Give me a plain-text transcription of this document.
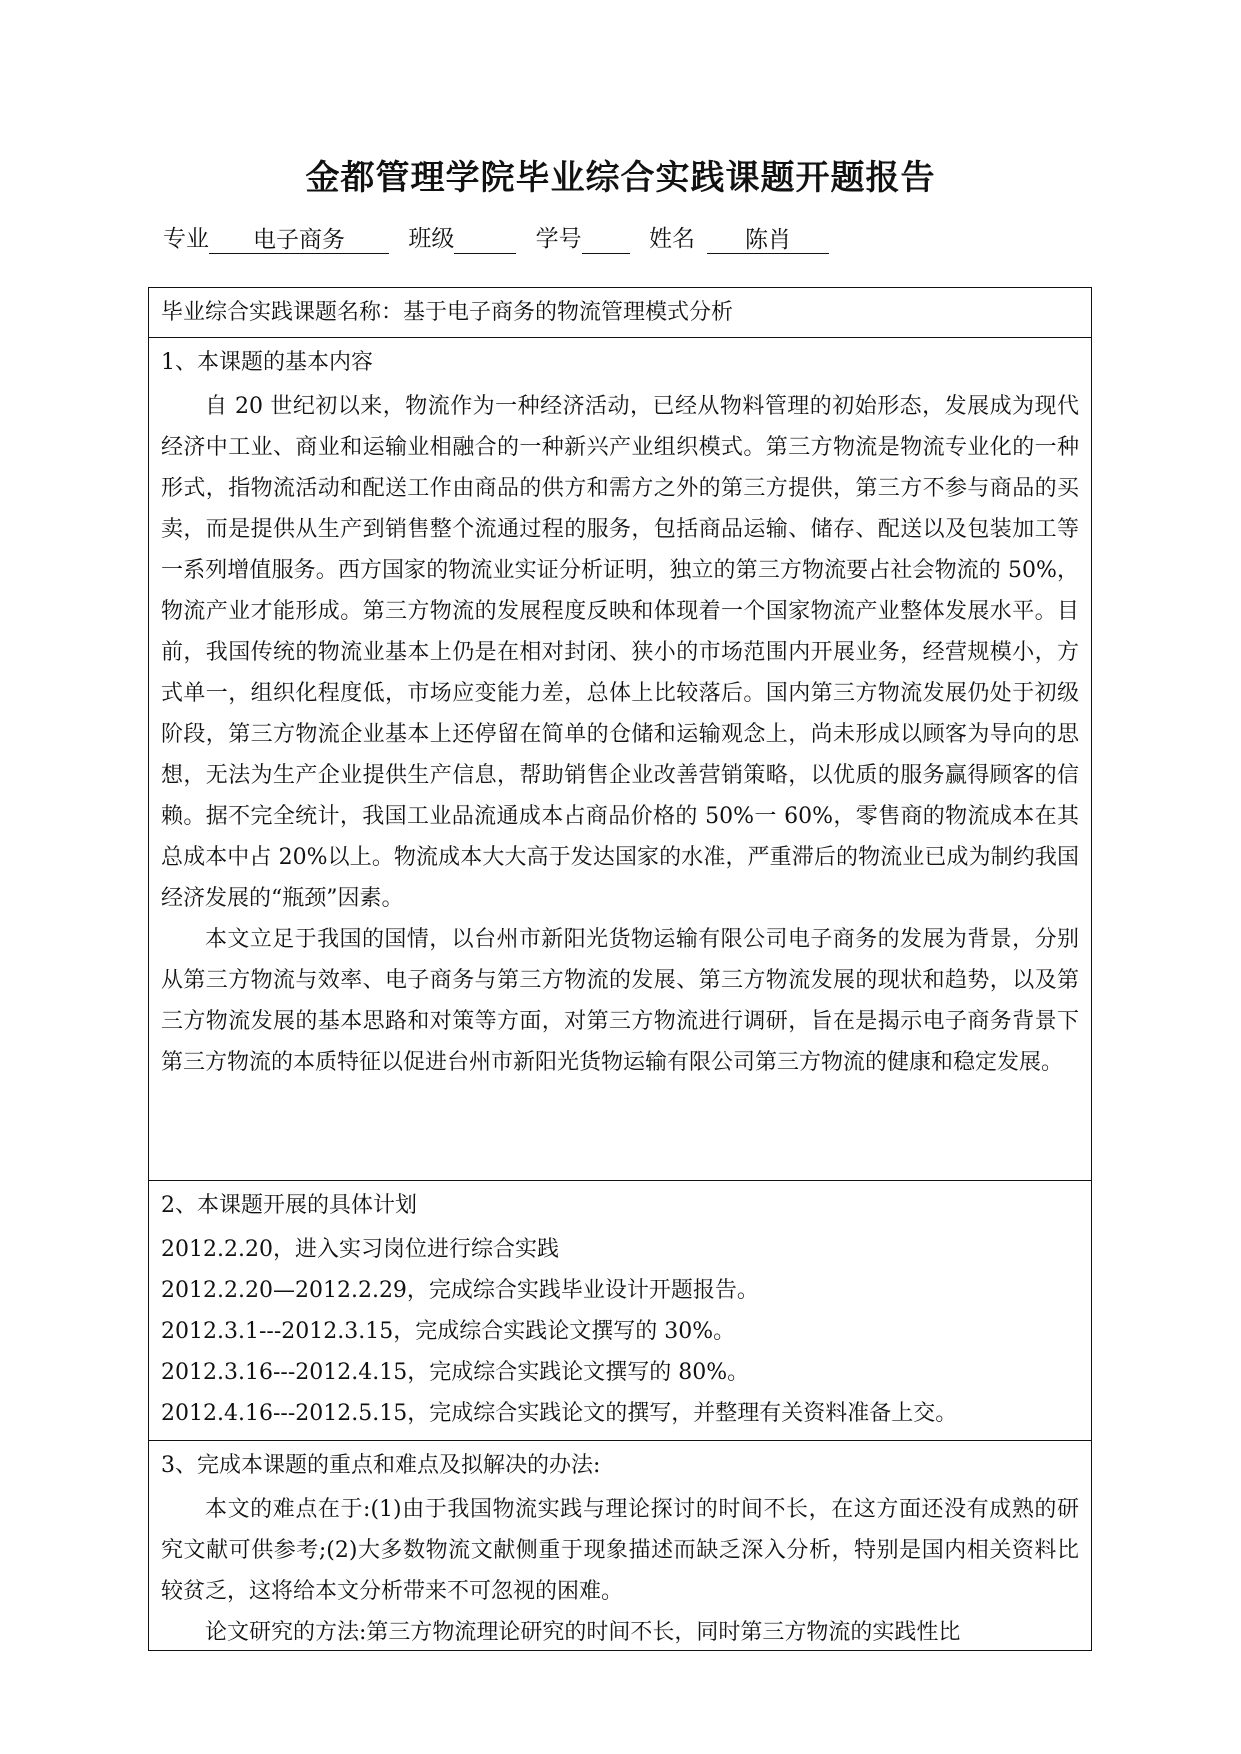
金都管理学院毕业综合实践课题开题报告
专业 电子商务	班级	学号	姓名 陈肖
毕业综合实践课题名称：基于电子商务的物流管理模式分析
1、本课题的基本内容

自 20 世纪初以来，物流作为一种经济活动，已经从物料管理的初始形态，发展成为现代经济中工业、商业和运输业相融合的一种新兴产业组织模式。第三方物流是物流专业化的一种形式，指物流活动和配送工作由商品的供方和需方之外的第三方提供，第三方不参与商品的买卖，而是提供从生产到销售整个流通过程的服务，包括商品运输、储存、配送以及包装加工等一系列增值服务。西方国家的物流业实证分析证明，独立的第三方物流要占社会物流的 50%，物流产业才能形成。第三方物流的发展程度反映和体现着一个国家物流产业整体发展水平。目前，我国传统的物流业基本上仍是在相对封闭、狭小的市场范围内开展业务，经营规模小，方式单一，组织化程度低，市场应变能力差，总体上比较落后。国内第三方物流发展仍处于初级阶段，第三方物流企业基本上还停留在简单的仓储和运输观念上，尚未形成以顾客为导向的思想，无法为生产企业提供生产信息，帮助销售企业改善营销策略，以优质的服务赢得顾客的信赖。据不完全统计，我国工业品流通成本占商品价格的 50%一 60%，零售商的物流成本在其总成本中占 20%以上。物流成本大大高于发达国家的水准，严重滞后的物流业已成为制约我国经济发展的“瓶颈”因素。

本文立足于我国的国情，以台州市新阳光货物运输有限公司电子商务的发展为背景，分别从第三方物流与效率、电子商务与第三方物流的发展、第三方物流发展的现状和趋势，以及第三方物流发展的基本思路和对策等方面，对第三方物流进行调研，旨在是揭示电子商务背景下第三方物流的本质特征以促进台州市新阳光货物运输有限公司第三方物流的健康和稳定发展。

2、本课题开展的具体计划
2012.2.20，进入实习岗位进行综合实践
2012.2.20—2012.2.29，完成综合实践毕业设计开题报告。
2012.3.1---2012.3.15，完成综合实践论文撰写的 30%。
2012.3.16---2012.4.15，完成综合实践论文撰写的 80%。
2012.4.16---2012.5.15，完成综合实践论文的撰写，并整理有关资料准备上交。
3、完成本课题的重点和难点及拟解决的办法:

本文的难点在于:(1)由于我国物流实践与理论探讨的时间不长，在这方面还没有成熟的研究文献可供参考;(2)大多数物流文献侧重于现象描述而缺乏深入分析，特别是国内相关资料比较贫乏，这将给本文分析带来不可忽视的困难。

论文研究的方法:第三方物流理论研究的时间不长，同时第三方物流的实践性比
